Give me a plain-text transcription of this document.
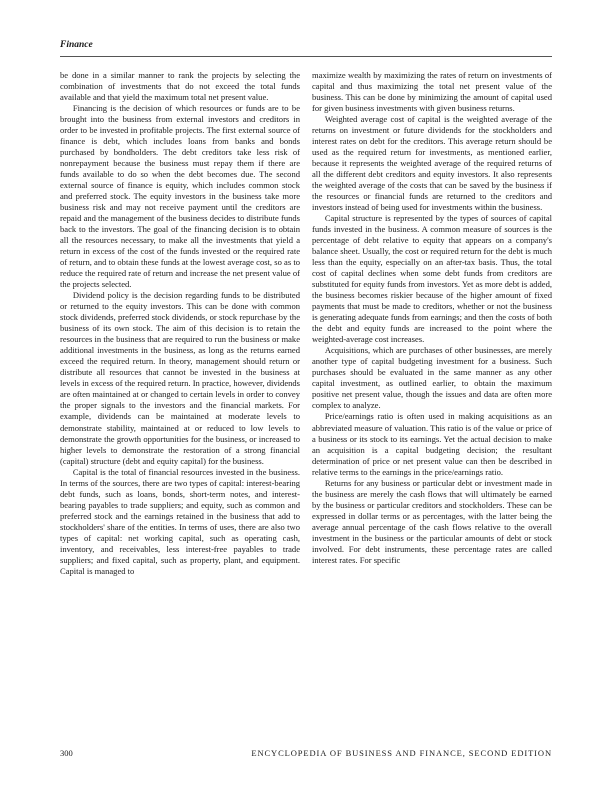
Finance

be done in a similar manner to rank the projects by selecting the combination of investments that do not exceed the total funds available and that yield the maximum total net present value.

Financing is the decision of which resources or funds are to be brought into the business from external investors and creditors in order to be invested in profitable projects. The first external source of finance is debt, which includes loans from banks and bonds purchased by bondholders. The debt creditors take less risk of nonrepayment because the business must repay them if there are funds available to do so when the debt becomes due. The second external source of finance is equity, which includes common stock and preferred stock. The equity investors in the business take more business risk and may not receive payment until the creditors are repaid and the management of the business decides to distribute funds back to the investors. The goal of the financing decision is to obtain all the resources necessary, to make all the investments that yield a return in excess of the cost of the funds invested or the required rate of return, and to obtain these funds at the lowest average cost, so as to reduce the required rate of return and increase the net present value of the projects selected.

Dividend policy is the decision regarding funds to be distributed or returned to the equity investors. This can be done with common stock dividends, preferred stock dividends, or stock repurchase by the business of its own stock. The aim of this decision is to retain the resources in the business that are required to run the business or make additional investments in the business, as long as the returns earned exceed the required return. In theory, management should return or distribute all resources that cannot be invested in the business at levels in excess of the required return. In practice, however, dividends are often maintained at or changed to certain levels in order to convey the proper signals to the investors and the financial markets. For example, dividends can be maintained at moderate levels to demonstrate stability, maintained at or reduced to low levels to demonstrate the growth opportunities for the business, or increased to higher levels to demonstrate the restoration of a strong financial (capital) structure (debt and equity capital) for the business.

Capital is the total of financial resources invested in the business. In terms of the sources, there are two types of capital: interest-bearing debt funds, such as loans, bonds, short-term notes, and interest-bearing payables to trade suppliers; and equity, such as common and preferred stock and the earnings retained in the business that add to stockholders' share of the entities. In terms of uses, there are also two types of capital: net working capital, such as operating cash, inventory, and receivables, less interest-free payables to trade suppliers; and fixed capital, such as property, plant, and equipment. Capital is managed to

maximize wealth by maximizing the rates of return on investments of capital and thus maximizing the total net present value of the business. This can be done by minimizing the amount of capital used for given business investments with given business returns.

Weighted average cost of capital is the weighted average of the returns on investment or future dividends for the stockholders and interest rates on debt for the creditors. This average return should be used as the required return for investments, as mentioned earlier, because it represents the weighted average of the required returns of all the different debt creditors and equity investors. It also represents the weighted average of the costs that can be saved by the business if the resources or financial funds are returned to the creditors and investors instead of being used for investments within the business.

Capital structure is represented by the types of sources of capital funds invested in the business. A common measure of sources is the percentage of debt relative to equity that appears on a company's balance sheet. Usually, the cost or required return for the debt is much less than the equity, especially on an after-tax basis. Thus, the total cost of capital declines when some debt funds from creditors are substituted for equity funds from investors. Yet as more debt is added, the business becomes riskier because of the higher amount of fixed payments that must be made to creditors, whether or not the business is generating adequate funds from earnings; and then the costs of both the debt and equity funds are increased to the point where the weighted-average cost increases.

Acquisitions, which are purchases of other businesses, are merely another type of capital budgeting investment for a business. Such purchases should be evaluated in the same manner as any other capital investment, as outlined earlier, to obtain the maximum positive net present value, though the issues and data are often more complex to analyze.

Price/earnings ratio is often used in making acquisitions as an abbreviated measure of valuation. This ratio is of the value or price of a business or its stock to its earnings. Yet the actual decision to make an acquisition is a capital budgeting decision; the resultant determination of price or net present value can then be described in relative terms to the earnings in the price/earnings ratio.

Returns for any business or particular debt or investment made in the business are merely the cash flows that will ultimately be earned by the business or particular creditors and stockholders. These can be expressed in dollar terms or as percentages, with the latter being the average annual percentage of the cash flows relative to the overall investment in the business or the particular amounts of debt or stock involved. For debt instruments, these percentage rates are called interest rates. For specific

300	ENCYCLOPEDIA OF BUSINESS AND FINANCE, SECOND EDITION
